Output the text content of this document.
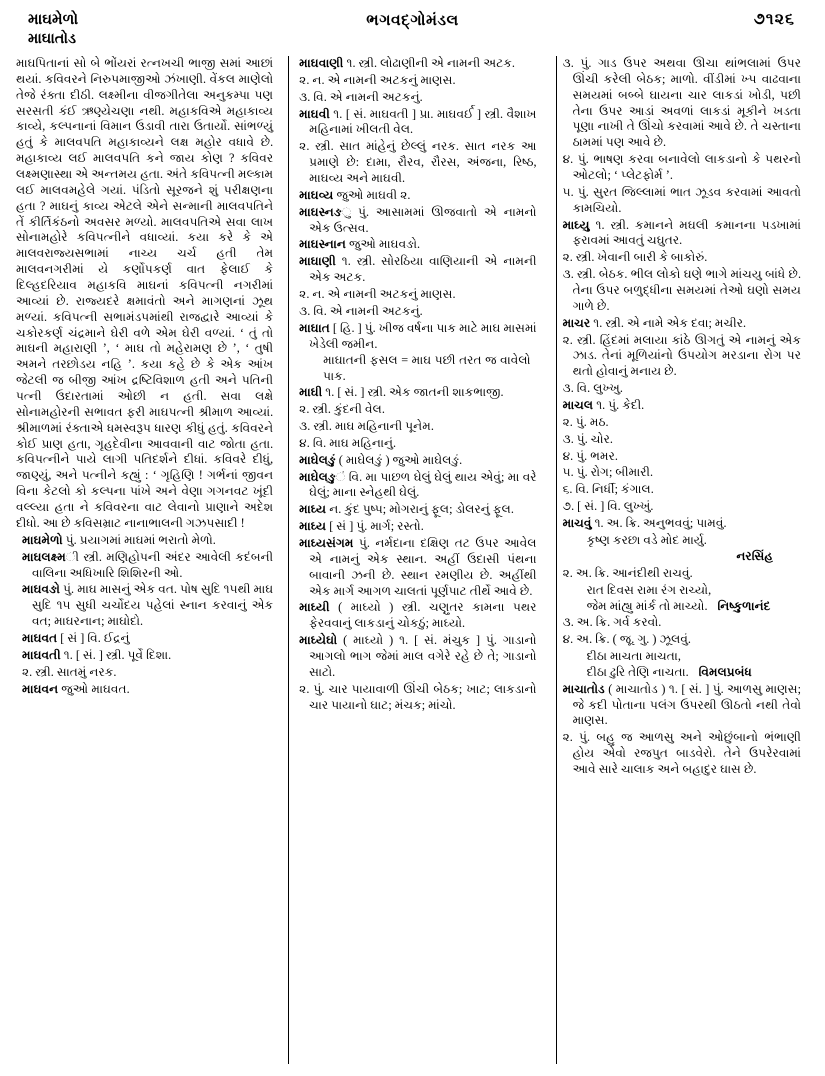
માઘમેળો
માઘાતોડ
ભગવદ્ગોમંડલ	૭૧૨૬

માઘપિતાનાં સો બે ભોંયરાં રત્નખચી ભાજી સમાં આછાં થયાં. કવિવરને નિરુપમાજીઓ ઝંખાણી. વેંકલ માણેલો તેજે રંક્તા દીઠી. લક્ષ્મીના વીજગીતેલા અનુકમ્પા પણ સરસતી કંઈ ઋણ્યેચણા નથી. મહાકવિએ મહાકાવ્ય કાવ્યે, કલ્પનાનાં વિમાન ઉડાવી તારા ઉતાર્યો. સાંભળ્યું હતું કે માલવપતિ મહાકાવ્યને લક્ષ મહોર વધાવે છે. મહાકાવ્ય લઈ માલવપતિ કને જાય કોણ ? કવિવર લક્ષ્મણાસ્થા એ અન્તમય હતા. અંતે કવિપત્ની મલ્કામ લઈ માલવમહેલે ગયાં. પંડિતો સૂરજને શું પરીક્ષણના હતા ? માઘનું કાવ્ય એટલે એને સન્માની માલવપતિને તેં કીર્તિકંઠનો અવસર મળ્યો. માલવપતિએ સવા લાખ સોનામહોરે કવિપત્નીને વધાવ્યાં. કયા કરે કે એ માલવરાજ્યસભામાં નાચ્ય ચર્ચ હતી તેમ માલવનગરીમાં યે કર્ણોપકર્ણ વાત ફેલાઈ કે દિલ્હદરિયાવ મહાકવિ માઘનાં કવિપત્ની નગરીમાં આવ્યાં છે. રાજ્યદરે ક્ષમાવંતો અને માગણનાં ઝૂથ મળ્યાં. કવિપત્ની સભામંડપમાંથી રાજદ્વારે આવ્યાં કે ચકોરકર્ણ ચંદ્રમાને ઘેરી વળે એમ ઘેરી વળ્યાં. ‘ તું તો માઘની મહારાણી ’, ‘ માઘ તો મહેરામણ છે ’, ‘ તુષી અમને તરછોડય નહિ ’. કયા કહે છે કે એક આંખ જેટલી જ બીજી આંખ દ્રષ્ટિવિશાળ હતી અને પતિની પત્ની ઉદારતામાં ઓછી ન હતી. સવા લક્ષે સોનામહોરની સભાવત ફરી માઘપત્ની શ્રીમાળ આવ્યાં. શ્રીમાળમાં રંક્તાએ ધમસ્વરૂપ ધારણ કીધું હતું. કવિવરને કોઈ પ્રાણ હતા, ગૃહદેવીના આવવાની વાટ જોતા હતા. કવિપત્નીને પાયે લાગી પતિદર્શને દીધાં. કવિવરે દીધું, જાણ્યું, અને પત્નીને કહ્યું : ‘ ગૃહિણિ ! ગર્ભનાં જીવન વિના કેટલો કો કલ્પના પાંખે અને વેણા ગગનવટ ખૂંદી વલ્લ્યા હતા ને કવિવરના વાટ લેવાનો પ્રાણાને અદેશ દીધો. આ છે કવિસમ્રાટ નાનાભાલની ગઝપસાદી !

માઘમેળો પું. પ્રયાગમાં માઘમાં ભરાતો મેળો.

માઘલક્ષ્મી સ્ત્રી. મણિહોપની અંદર આવેલી કદંબની વાલિના અધિખારિ શિશિરની ઓ.

માઘવઙો પું. માઘ માસનું એક વત. પોષ સુદિ ૧૫થી માઘ સુદિ ૧૫ સુધી ચર્ચોદય પહેલાં સ્નાન કરવાનું એક વત; માઘરનાન; માઘોદો.

માઘવત [ સં ] વિ. ઈદ્રનું

માઘવતી ૧. [ સં. ] સ્ત્રી. પૂર્વે દિશા.

૨. સ્ત્રી. સાતમું નરક.

માઘવન જુઓ માઘવત.

માઘવાણી ૧. સ્ત્રી. લોઢાણીની એ નામની અટક.

૨. ન. એ નામની અટકનું માણસ.

૩. વિ. એ નામની અટકનું.

માઘવી ૧. [ સં. માઘવતી ] પ્રા. માઘવર્ઈ ] સ્ત્રી. વૈશાખ મહિનામાં ખીલતી વેલ.

૨. સ્ત્રી. સાત માંહેનું છેલ્લું નરક. સાત નરક આ પ્રમાણે છે: દામા, રૌરવ, રૌરસ, અંજના, રિષ્ઠ, માઘવ્ય અને માઘવી.

માઘવ્ય જુઓ માઘવી ૨.

માઘસ્નઙુ પું. આસામમાં ઊજવાતો એ નામનો એક ઉત્સવ.

માઘસ્નાન જુઓ માઘવઙો.

માઘાણી ૧. સ્ત્રી. સોરઠિયા વાણિયાની એ નામની એક અટક.

૨. ન. એ નામની અટકનું માણસ.

૩. વિ. એ નામની અટકનું.

માઘાત [ હિ. ] પું. ખીજ વર્ષના પાક માટે માઘ માસમાં ખેડેલી જમીન.

માઘાતની ફસલ = માઘ પછી તરત જ વાવેલો પાક.

માઘી ૧. [ સં. ] સ્ત્રી. એક જાતની શાકભાજી.

૨. સ્ત્રી. કુંદની વેલ.

૩. સ્ત્રી. માઘ મહિનાની પૂનેમ.

૪. વિ. માઘ મહિનાનું.

માઘેલઙું ( માઘેલઙું ) જુઓ માઘેલઙું.

માઘેલઙું વિ. મા પાછળ ઘેલું ઘેલું થાય એવું; મા વરે ઘેલું; માના સ્નેહથી ઘેલું.

માઘ્ય ન. કુંદ પુષ્પ; મોગરાનું ફૂલ; ડોલરનું ફૂલ.

માઘ્ય [ સં ] પું. માર્ગ; રસ્તો.

માઘ્યસંગમ પું. નર્મદાના દક્ષિણ તટ ઉપર આવેલ એ નામનું એક સ્થાન. અહીં ઉદાસી પંથના બાવાની ઝની છે. સ્થાન રમણીય છે. અહીંથી એક માર્ગ આગળ ચાલતાં પૂર્ણપાટ તીર્થે આવે છે.

માઘ્યી ( માઘ્યો ) સ્ત્રી. ચણુતર કામના પથર ફેરવવાનું લાકડાનું ચોકઠું; માઘ્યો.

માઘ્યેઘો ( માઘ્યો ) ૧. [ સં. મંચુક ] પું. ગાડાનો આગલો ભાગ જેમાં માલ વગેરે રહે છે તે; ગાડાનો સાટો.

૨. પું. ચાર પાયાવાળી ઊંચી બેઠક; ખાટ; લાકડાનો ચાર પાયાનો ઘાટ; મંચક; માંચો.

૩. પું. ગાડ ઉપર અથવા ઊંચા થાંભલામાં ઉપર ઊંચી કરેલી બેઠક; માળો. વીંડીમાં ખ્પ વાઢવાના સમયમાં બબ્બે ઘાયના ચાર લાકડાં ખોડી, પછી તેના ઉપર આડાં અવળાં લાકડાં મૂકીને ખડતા પૂણા નાખી તે ઊંચો કરવામાં આવે છે. તે ચસ્તાના ઠામમાં પણ આવે છે.

૪. પું. ભાષણ કરવા બનાવેલો લાકડાનો કે પથરનો ઓટલો; ‘ પ્લેટફોર્મ ’.

૫. પું. સુરત જિલ્લામાં ભાત ઝૂડવ કરવામાં આવતો કામચિયો.

માઘ્યુ ૧. સ્ત્રી. કમાનને મઘલી કમાનના પડખામાં ફરાવમાં આવતું ચઘુતર.

૨. સ્ત્રી. ખેવાની બારી કે બાકોરું.

૩. સ્ત્રી. બેઠક. ભીલ લોકો ઘણે ભાગે માંચયુ બાંધે છે. તેના ઉપર બળુદ્ધીના સમયમાં તેઓ ઘણો સમય ગાળે છે.

માચર ૧. સ્ત્રી. એ નામે એક દવા; મચીર.

૨. સ્ત્રી. હિંદમાં મલાયા કાંઠે ઊગતું એ નામનું એક ઝાડ. તેનાં મૂળિયાંનો ઉપયોગ મરડાના રોગ પર થતો હોવાનું મનાય છે.

૩. વિ. લુખ્ખુ.

માચલ ૧. પું. કેદી.

૨. પું. મઠ.

૩. પું. ચોર.

૪. પું. ભમર.

૫. પું. રોગ; બીમારી.

૬. વિ. નિર્ધી; કંગાલ.

૭. [ સં. ] વિ. લુખ્ખું.

માચવું ૧. અ. ક્રિ. અનુભવવું; પામવું.

કૃષ્ણ કરછા વડે મોદ માર્યુ.

નરસિંહ

૨. અ. ક્રિ. આનંદીથી રાચવું.

રાત દિવસ રામા રંગ રાચ્યો,

જેમ માંહ્યુ માંર્ક તો માચ્યો. નિષ્કુળાનંદ

૩. અ. ક્રિ. ગર્વ કરવો.

૪. અ. ક્રિ. ( જૂ. ગુ. ) ઝૂલવું.

દીઠા માચતા માચતા,

દીઠા ઢુરિ તેણિ નાચતા. વિમલપ્રબંધ

માચાતોડ ( માચાતોડ ) ૧. [ સં. ] પું. આળસુ માણસ; જે કદી પોતાના પલંગ ઉપરથી ઊઠતો નથી તેવો માણસ.

૨. પું. બહુ જ આળસુ અને ઓછુંબાનો ભંભાણી હોય એવો રજપુત બાડવેરો. તેને ઉપરેરવામાં આવે સારે ચાલાક અને બહાદુર ઘાસ છે.
